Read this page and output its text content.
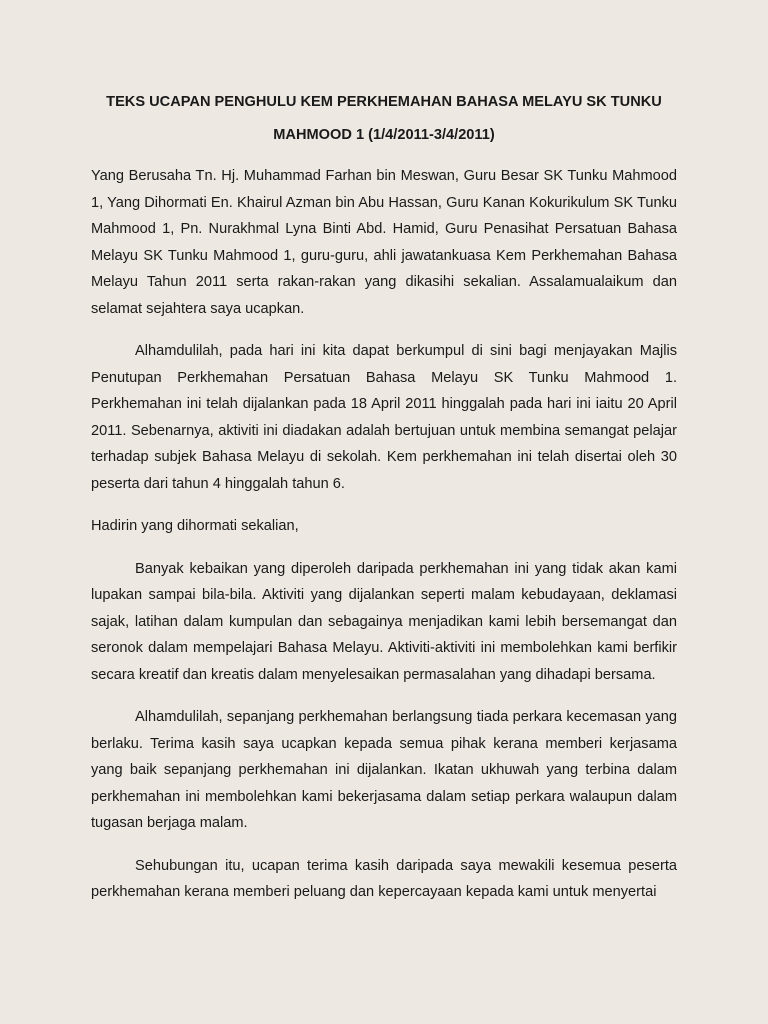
TEKS UCAPAN PENGHULU KEM PERKHEMAHAN BAHASA MELAYU SK TUNKU MAHMOOD 1 (1/4/2011-3/4/2011)

Yang Berusaha Tn. Hj. Muhammad Farhan bin Meswan, Guru Besar SK Tunku Mahmood 1, Yang Dihormati En. Khairul Azman bin Abu Hassan, Guru Kanan Kokurikulum SK Tunku Mahmood 1, Pn. Nurakhmal Lyna Binti Abd. Hamid, Guru Penasihat Persatuan Bahasa Melayu SK Tunku Mahmood 1, guru-guru, ahli jawatankuasa Kem Perkhemahan Bahasa Melayu Tahun 2011 serta rakan-rakan yang dikasihi sekalian. Assalamualaikum dan selamat sejahtera saya ucapkan.

Alhamdulilah, pada hari ini kita dapat berkumpul di sini bagi menjayakan Majlis Penutupan Perkhemahan Persatuan Bahasa Melayu SK Tunku Mahmood 1. Perkhemahan ini telah dijalankan pada 18 April 2011 hinggalah pada hari ini iaitu 20 April 2011. Sebenarnya, aktiviti ini diadakan adalah bertujuan untuk membina semangat pelajar terhadap subjek Bahasa Melayu di sekolah. Kem perkhemahan ini telah disertai oleh 30 peserta dari tahun 4 hinggalah tahun 6.

Hadirin yang dihormati sekalian,

Banyak kebaikan yang diperoleh daripada perkhemahan ini yang tidak akan kami lupakan sampai bila-bila. Aktiviti yang dijalankan seperti malam kebudayaan, deklamasi sajak, latihan dalam kumpulan dan sebagainya menjadikan kami lebih bersemangat dan seronok dalam mempelajari Bahasa Melayu. Aktiviti-aktiviti ini membolehkan kami berfikir secara kreatif dan kreatis dalam menyelesaikan permasalahan yang dihadapi bersama.

Alhamdulilah, sepanjang perkhemahan berlangsung tiada perkara kecemasan yang berlaku. Terima kasih saya ucapkan kepada semua pihak kerana memberi kerjasama yang baik sepanjang perkhemahan ini dijalankan. Ikatan ukhuwah yang terbina dalam perkhemahan ini membolehkan kami bekerjasama dalam setiap perkara walaupun dalam tugasan berjaga malam.

Sehubungan itu, ucapan terima kasih daripada saya mewakili kesemua peserta perkhemahan kerana memberi peluang dan kepercayaan kepada kami untuk menyertai
